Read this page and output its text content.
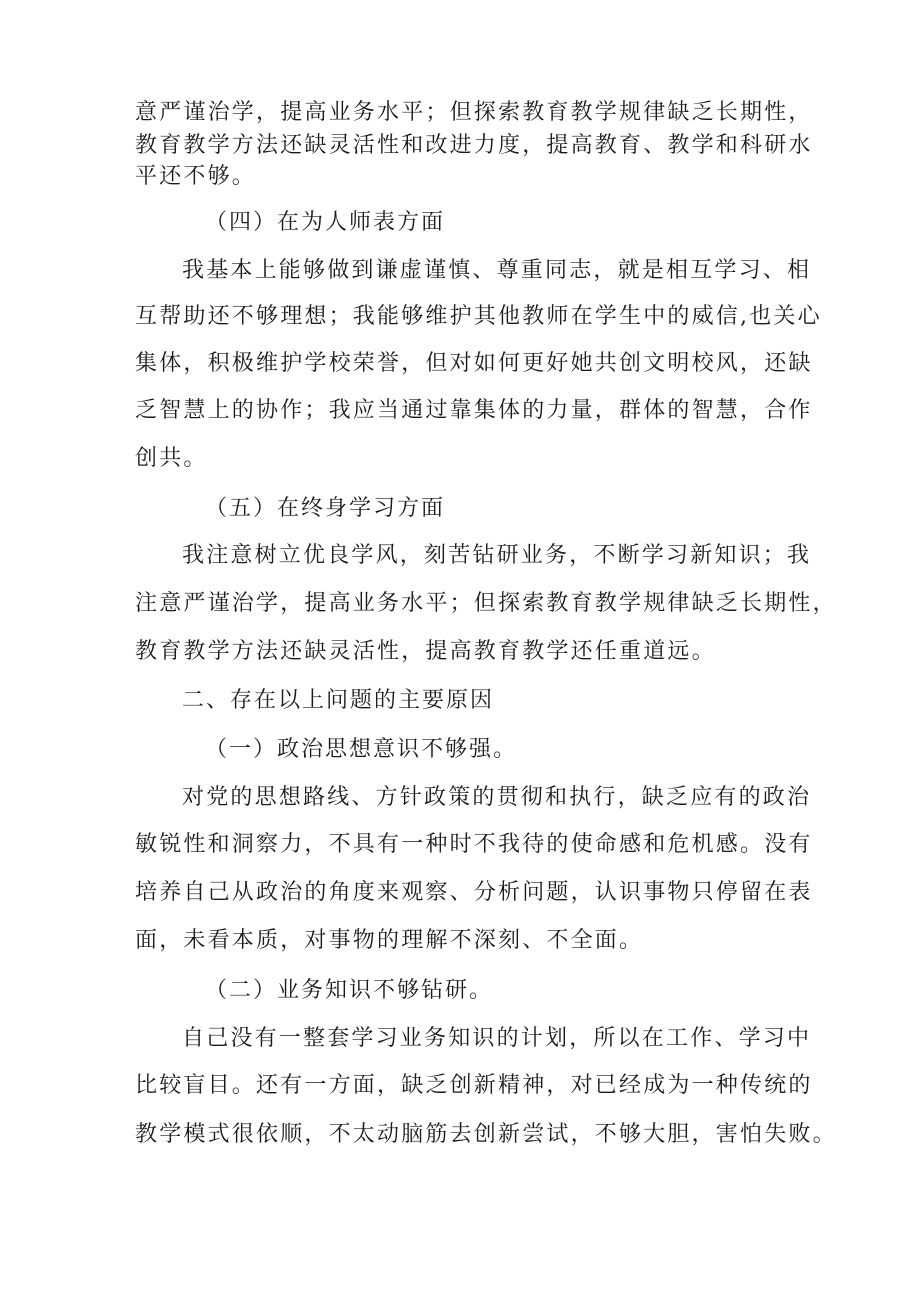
意严谨治学，提高业务水平；但探索教育教学规律缺乏长期性，
教育教学方法还缺灵活性和改进力度，提高教育、教学和科研水
平还不够。
（四）在为人师表方面
我基本上能够做到谦虚谨慎、尊重同志，就是相互学习、相
互帮助还不够理想；我能够维护其他教师在学生中的威信,也关心
集体，积极维护学校荣誉，但对如何更好她共创文明校风，还缺
乏智慧上的协作；我应当通过靠集体的力量，群体的智慧，合作
创共。
（五）在终身学习方面
我注意树立优良学风，刻苦钻研业务，不断学习新知识；我
注意严谨治学，提高业务水平；但探索教育教学规律缺乏长期性，
教育教学方法还缺灵活性，提高教育教学还任重道远。
二、存在以上问题的主要原因
（一）政治思想意识不够强。
对党的思想路线、方针政策的贯彻和执行，缺乏应有的政治
敏锐性和洞察力，不具有一种时不我待的使命感和危机感。没有
培养自己从政治的角度来观察、分析问题，认识事物只停留在表
面，未看本质，对事物的理解不深刻、不全面。
（二）业务知识不够钻研。
自己没有一整套学习业务知识的计划，所以在工作、学习中
比较盲目。还有一方面，缺乏创新精神，对已经成为一种传统的
教学模式很依顺，不太动脑筋去创新尝试，不够大胆，害怕失败。
